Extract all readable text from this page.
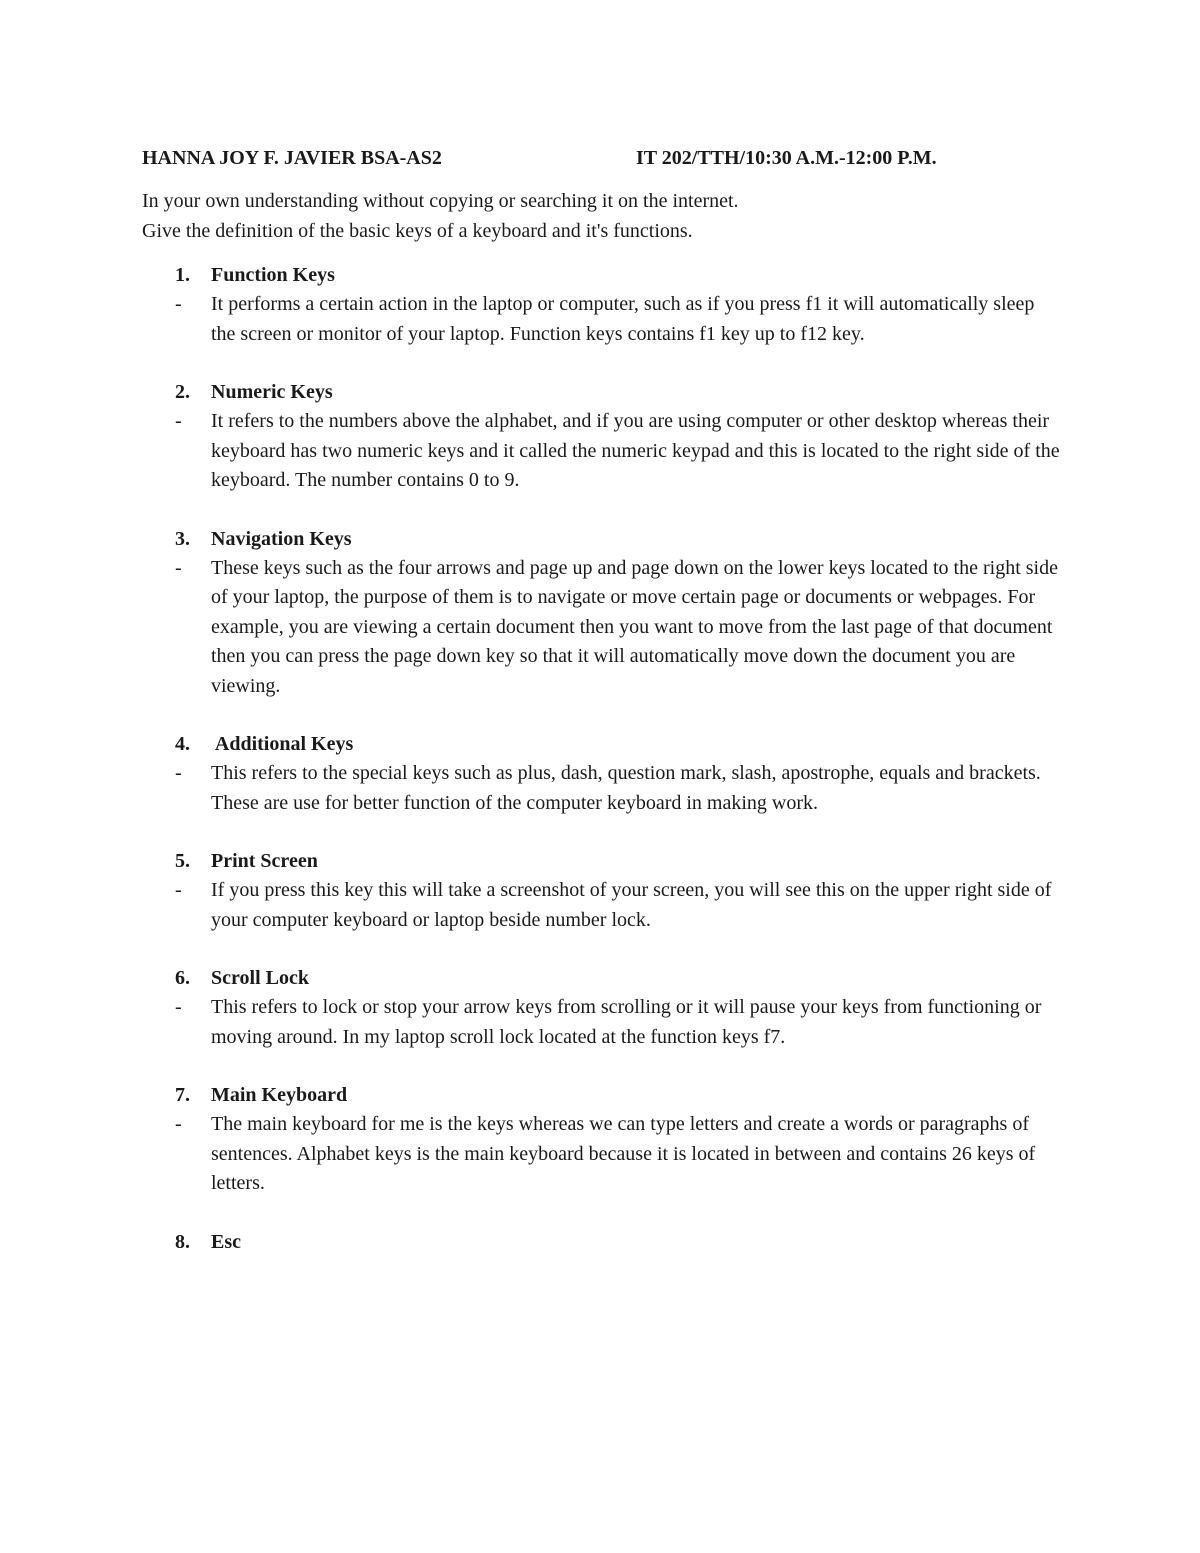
HANNA JOY F. JAVIER BSA-AS2	IT 202/TTH/10:30 A.M.-12:00 P.M.

In your own understanding without copying or searching it on the internet.

Give the definition of the basic keys of a keyboard and it's functions.

1. Function Keys
- It performs a certain action in the laptop or computer, such as if you press f1 it will automatically sleep the screen or monitor of your laptop. Function keys contains f1 key up to f12 key.
2. Numeric Keys
- It refers to the numbers above the alphabet, and if you are using computer or other desktop whereas their keyboard has two numeric keys and it called the numeric keypad and this is located to the right side of the keyboard. The number contains 0 to 9.
3. Navigation Keys
- These keys such as the four arrows and page up and page down on the lower keys located to the right side of your laptop, the purpose of them is to navigate or move certain page or documents or webpages. For example, you are viewing a certain document then you want to move from the last page of that document then you can press the page down key so that it will automatically move down the document you are viewing.
4. Additional Keys
- This refers to the special keys such as plus, dash, question mark, slash, apostrophe, equals and brackets. These are use for better function of the computer keyboard in making work.
5. Print Screen
- If you press this key this will take a screenshot of your screen, you will see this on the upper right side of your computer keyboard or laptop beside number lock.
6. Scroll Lock
- This refers to lock or stop your arrow keys from scrolling or it will pause your keys from functioning or moving around. In my laptop scroll lock located at the function keys f7.
7. Main Keyboard
- The main keyboard for me is the keys whereas we can type letters and create a words or paragraphs of sentences. Alphabet keys is the main keyboard because it is located in between and contains 26 keys of letters.
8. Esc
